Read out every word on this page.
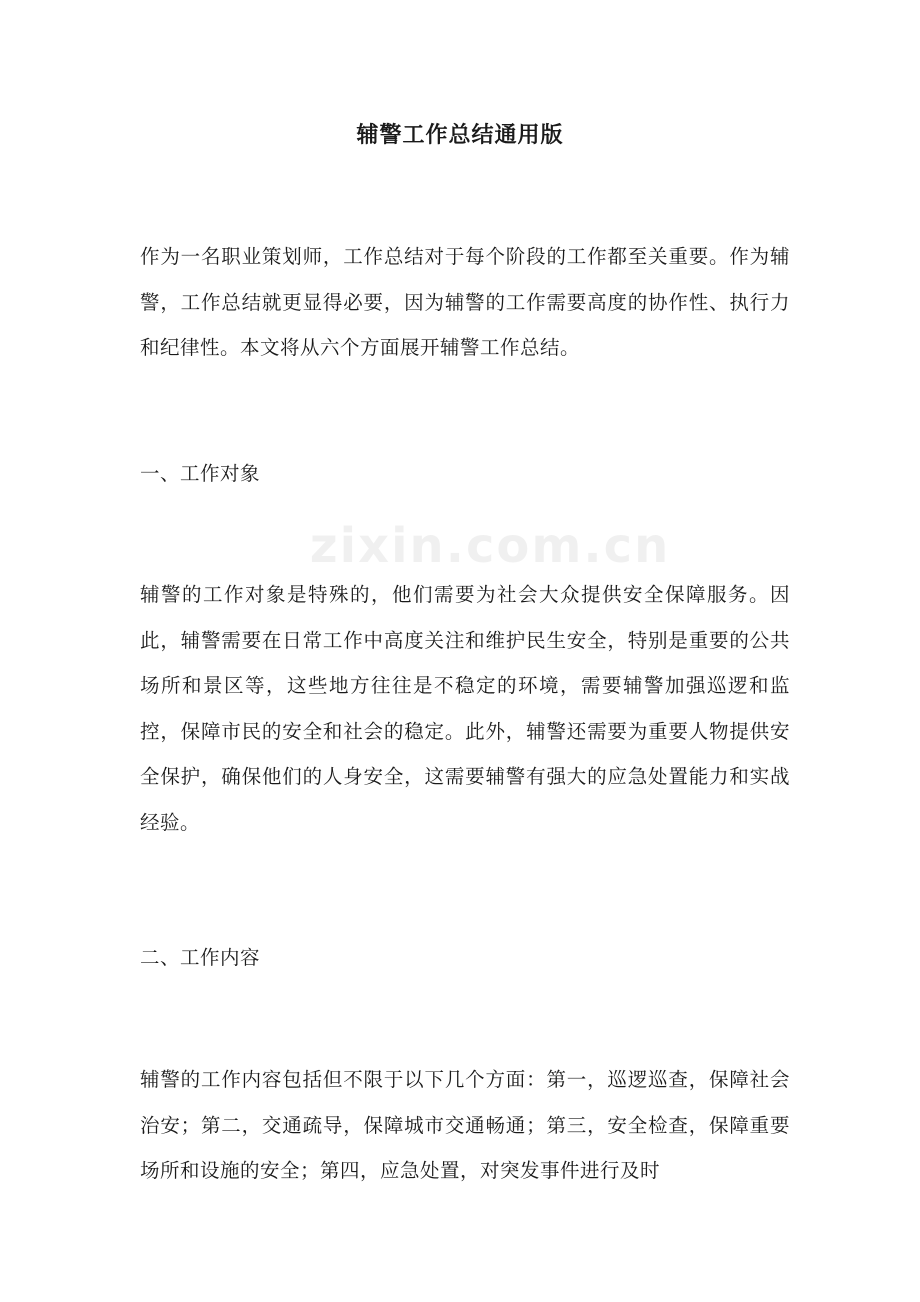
辅警工作总结通用版

作为一名职业策划师，工作总结对于每个阶段的工作都至关重要。作为辅警，工作总结就更显得必要，因为辅警的工作需要高度的协作性、执行力和纪律性。本文将从六个方面展开辅警工作总结。

一、工作对象

辅警的工作对象是特殊的，他们需要为社会大众提供安全保障服务。因此，辅警需要在日常工作中高度关注和维护民生安全，特别是重要的公共场所和景区等，这些地方往往是不稳定的环境，需要辅警加强巡逻和监控，保障市民的安全和社会的稳定。此外，辅警还需要为重要人物提供安全保护，确保他们的人身安全，这需要辅警有强大的应急处置能力和实战经验。

二、工作内容

辅警的工作内容包括但不限于以下几个方面：第一，巡逻巡查，保障社会治安；第二，交通疏导，保障城市交通畅通；第三，安全检查，保障重要场所和设施的安全；第四，应急处置，对突发事件进行及时

zixin.com.cn
